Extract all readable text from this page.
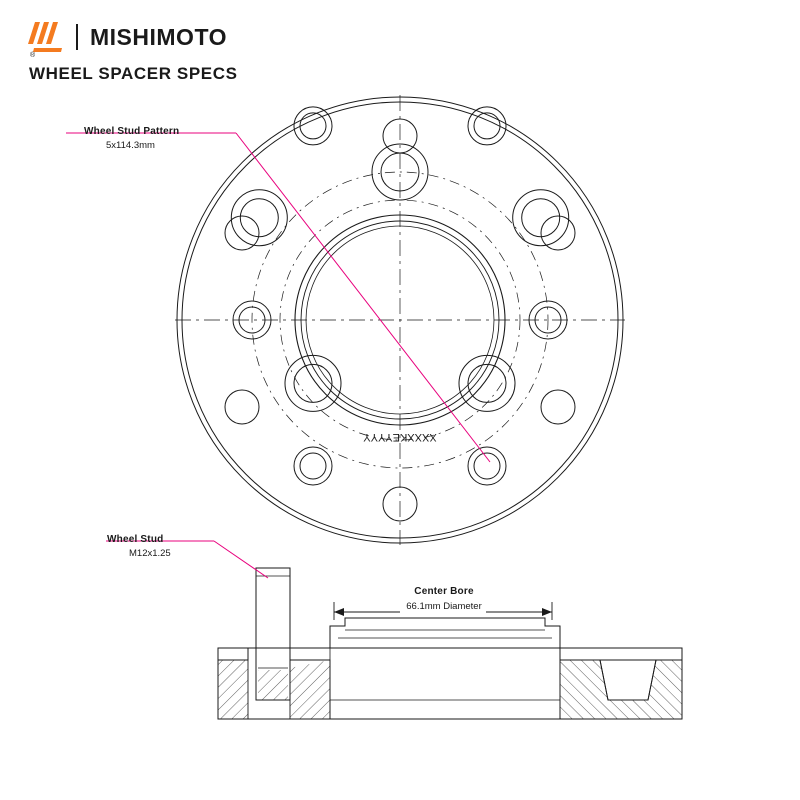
®
MISHIMOTO
WHEEL SPACER SPECS
XXXXKEYYYY
Wheel Stud Pattern
5x114.3mm
Wheel Stud
M12x1.25
Center Bore
66.1mm Diameter
